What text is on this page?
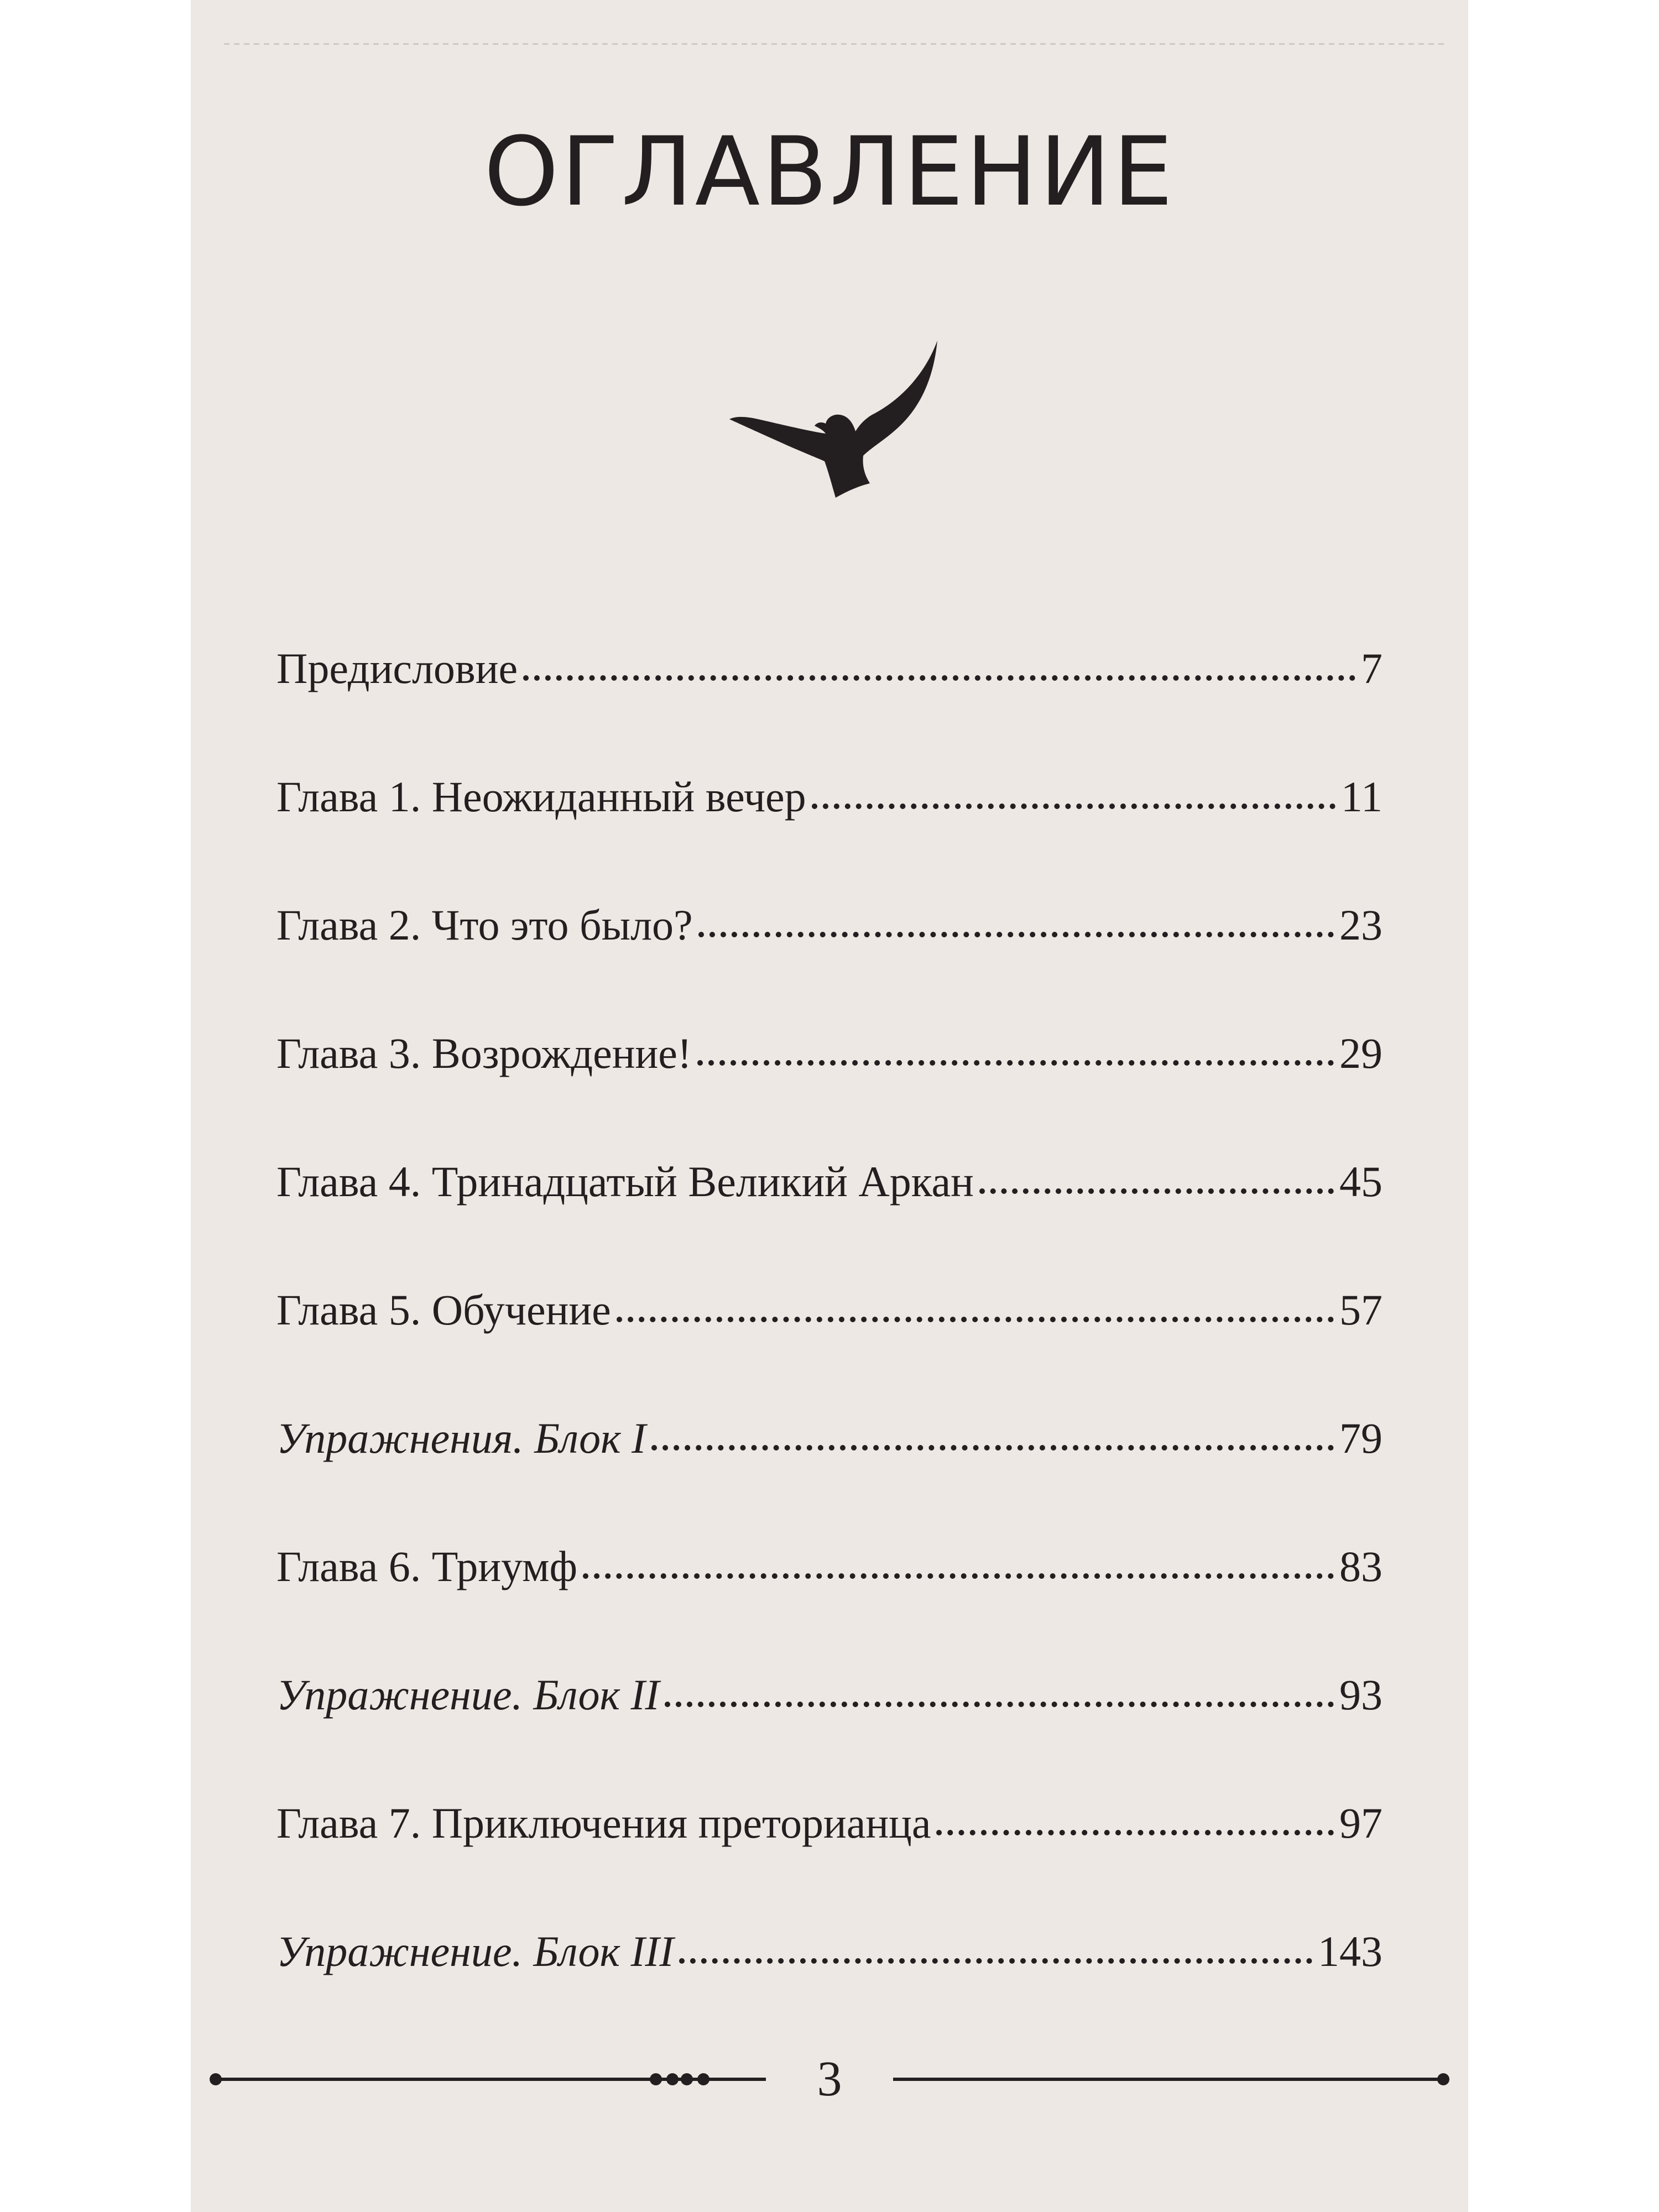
ОГЛАВЛЕНИЕ
Предисловие	7
Глава 1. Неожиданный вечер	11
Глава 2. Что это было?	23
Глава 3. Возрождение!	29
Глава 4. Тринадцатый Великий Аркан	45
Глава 5. Обучение	57
Упражнения. Блок I	79
Глава 6. Триумф	83
Упражнение. Блок II	93
Глава 7. Приключения преторианца	97
Упражнение. Блок III	143
3
